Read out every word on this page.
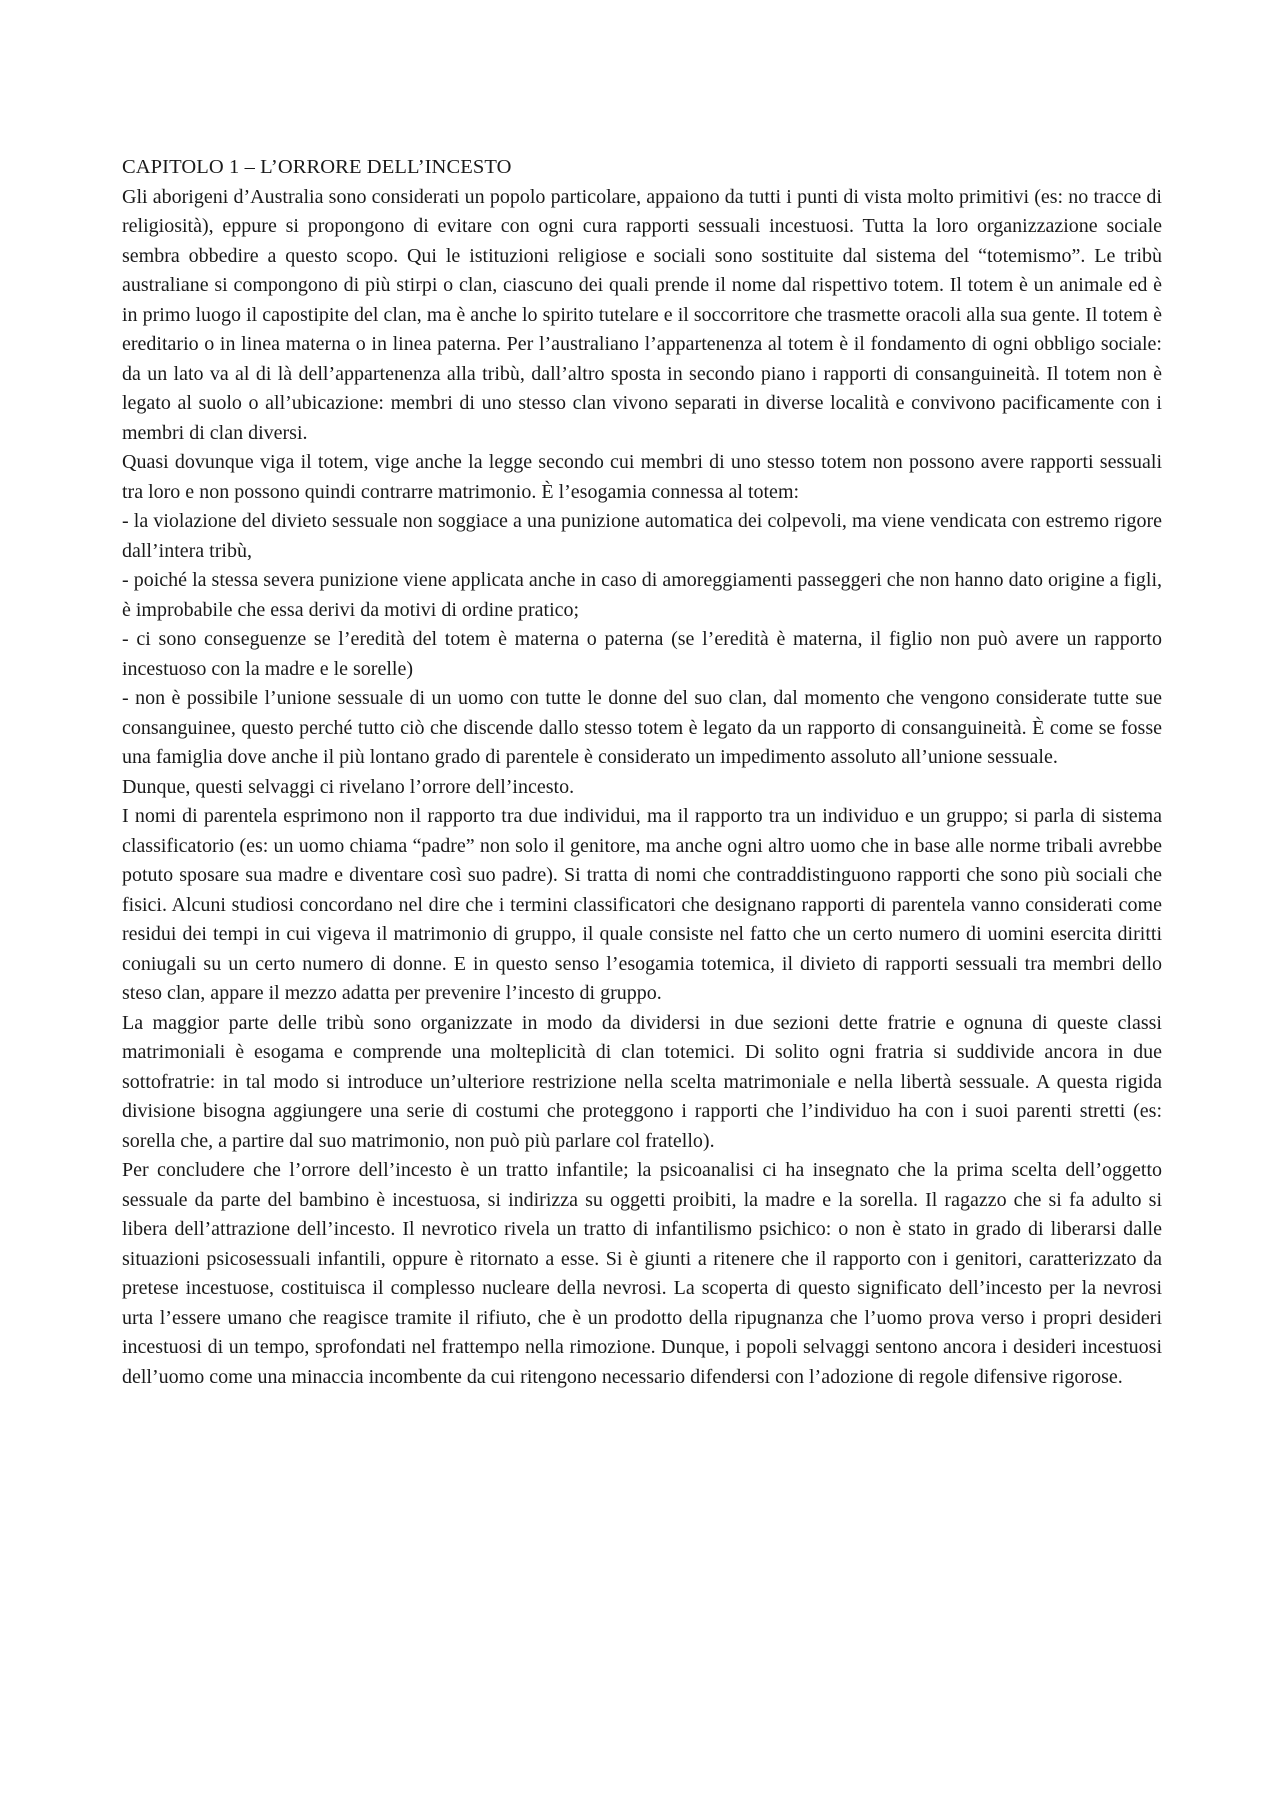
CAPITOLO 1 – L’ORRORE DELL’INCESTO

Gli aborigeni d’Australia sono considerati un popolo particolare, appaiono da tutti i punti di vista molto primitivi (es: no tracce di religiosità), eppure si propongono di evitare con ogni cura rapporti sessuali incestuosi. Tutta la loro organizzazione sociale sembra obbedire a questo scopo. Qui le istituzioni religiose e sociali sono sostituite dal sistema del “totemismo”. Le tribù australiane si compongono di più stirpi o clan, ciascuno dei quali prende il nome dal rispettivo totem. Il totem è un animale ed è in primo luogo il capostipite del clan, ma è anche lo spirito tutelare e il soccorritore che trasmette oracoli alla sua gente. Il totem è ereditario o in linea materna o in linea paterna. Per l’australiano l’appartenenza al totem è il fondamento di ogni obbligo sociale: da un lato va al di là dell’appartenenza alla tribù, dall’altro sposta in secondo piano i rapporti di consanguineità. Il totem non è legato al suolo o all’ubicazione: membri di uno stesso clan vivono separati in diverse località e convivono pacificamente con i membri di clan diversi.

Quasi dovunque viga il totem, vige anche la legge secondo cui membri di uno stesso totem non possono avere rapporti sessuali tra loro e non possono quindi contrarre matrimonio. È l’esogamia connessa al totem:

- la violazione del divieto sessuale non soggiace a una punizione automatica dei colpevoli, ma viene vendicata con estremo rigore dall’intera tribù,

- poiché la stessa severa punizione viene applicata anche in caso di amoreggiamenti passeggeri che non hanno dato origine a figli, è improbabile che essa derivi da motivi di ordine pratico;

- ci sono conseguenze se l’eredità del totem è materna o paterna (se l’eredità è materna, il figlio non può avere un rapporto incestuoso con la madre e le sorelle)

- non è possibile l’unione sessuale di un uomo con tutte le donne del suo clan, dal momento che vengono considerate tutte sue consanguinee, questo perché tutto ciò che discende dallo stesso totem è legato da un rapporto di consanguineità. È come se fosse una famiglia dove anche il più lontano grado di parentele è considerato un impedimento assoluto all’unione sessuale.

Dunque, questi selvaggi ci rivelano l’orrore dell’incesto.

I nomi di parentela esprimono non il rapporto tra due individui, ma il rapporto tra un individuo e un gruppo; si parla di sistema classificatorio (es: un uomo chiama “padre” non solo il genitore, ma anche ogni altro uomo che in base alle norme tribali avrebbe potuto sposare sua madre e diventare così suo padre). Si tratta di nomi che contraddistinguono rapporti che sono più sociali che fisici. Alcuni studiosi concordano nel dire che i termini classificatori che designano rapporti di parentela vanno considerati come residui dei tempi in cui vigeva il matrimonio di gruppo, il quale consiste nel fatto che un certo numero di uomini esercita diritti coniugali su un certo numero di donne. E in questo senso l’esogamia totemica, il divieto di rapporti sessuali tra membri dello steso clan, appare il mezzo adatta per prevenire l’incesto di gruppo.

La maggior parte delle tribù sono organizzate in modo da dividersi in due sezioni dette fratrie e ognuna di queste classi matrimoniali è esogama e comprende una molteplicità di clan totemici. Di solito ogni fratria si suddivide ancora in due sottofratrie: in tal modo si introduce un’ulteriore restrizione nella scelta matrimoniale e nella libertà sessuale. A questa rigida divisione bisogna aggiungere una serie di costumi che proteggono i rapporti che l’individuo ha con i suoi parenti stretti (es: sorella che, a partire dal suo matrimonio, non può più parlare col fratello).

Per concludere che l’orrore dell’incesto è un tratto infantile; la psicoanalisi ci ha insegnato che la prima scelta dell’oggetto sessuale da parte del bambino è incestuosa, si indirizza su oggetti proibiti, la madre e la sorella. Il ragazzo che si fa adulto si libera dell’attrazione dell’incesto. Il nevrotico rivela un tratto di infantilismo psichico: o non è stato in grado di liberarsi dalle situazioni psicosessuali infantili, oppure è ritornato a esse. Si è giunti a ritenere che il rapporto con i genitori, caratterizzato da pretese incestuose, costituisca il complesso nucleare della nevrosi. La scoperta di questo significato dell’incesto per la nevrosi urta l’essere umano che reagisce tramite il rifiuto, che è un prodotto della ripugnanza che l’uomo prova verso i propri desideri incestuosi di un tempo, sprofondati nel frattempo nella rimozione. Dunque, i popoli selvaggi sentono ancora i desideri incestuosi dell’uomo come una minaccia incombente da cui ritengono necessario difendersi con l’adozione di regole difensive rigorose.
